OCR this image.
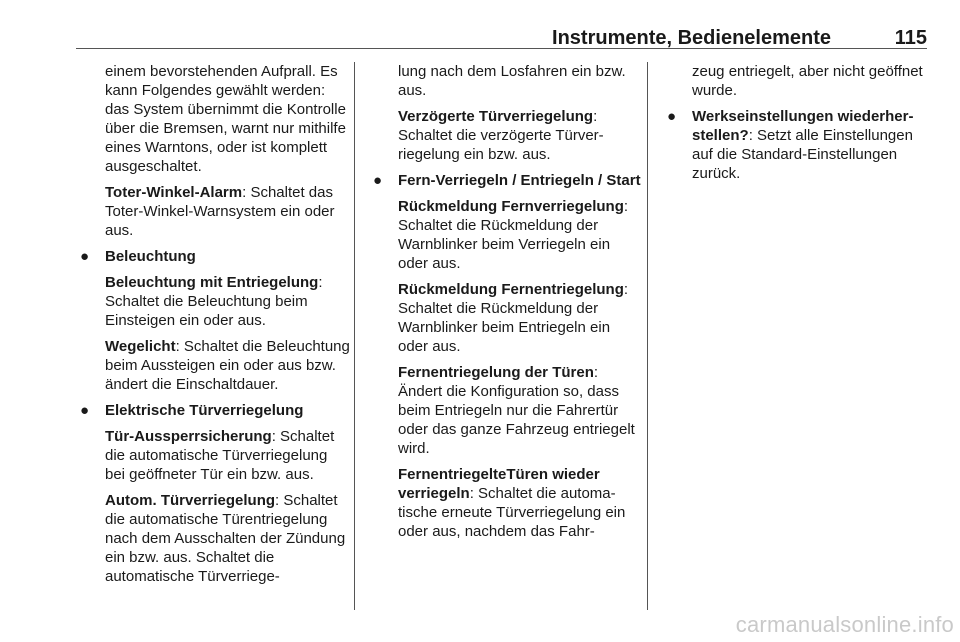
Instrumente, Bedienelemente	115

einem bevorstehenden Aufprall. Es kann Folgendes gewählt werden: das System übernimmt die Kontrolle über die Bremsen, warnt nur mithilfe eines Warntons, oder ist komplett ausgeschaltet.

Toter-Winkel-Alarm: Schaltet das Toter-Winkel-Warnsystem ein oder aus.

● Beleuchtung

Beleuchtung mit Entriegelung: Schaltet die Beleuchtung beim Einsteigen ein oder aus.

Wegelicht: Schaltet die Beleuchtung beim Aussteigen ein oder aus bzw. ändert die Einschaltdauer.

● Elektrische Türverriegelung

Tür-Aussperrsicherung: Schaltet die automatische Türverriegelung bei geöffneter Tür ein bzw. aus.

Autom. Türverriegelung: Schaltet die automatische Türentriegelung nach dem Ausschalten der Zündung ein bzw. aus. Schaltet die automatische Türverriege-

lung nach dem Losfahren ein bzw. aus.

Verzögerte Türverriegelung: Schaltet die verzögerte Türverriegelung ein bzw. aus.

● Fern-Verriegeln / Entriegeln / Start

Rückmeldung Fernverriegelung: Schaltet die Rückmeldung der Warnblinker beim Verriegeln ein oder aus.

Rückmeldung Fernentriegelung: Schaltet die Rückmeldung der Warnblinker beim Entriegeln ein oder aus.

Fernentriegelung der Türen: Ändert die Konfiguration so, dass beim Entriegeln nur die Fahrertür oder das ganze Fahrzeug entriegelt wird.

FernentriegelteTüren wieder verriegeln: Schaltet die automatische erneute Türverriegelung ein oder aus, nachdem das Fahr-

zeug entriegelt, aber nicht geöffnet wurde.

● Werkseinstellungen wiederherstellen?: Setzt alle Einstellungen auf die Standard-Einstellungen zurück.

carmanualsonline.info
